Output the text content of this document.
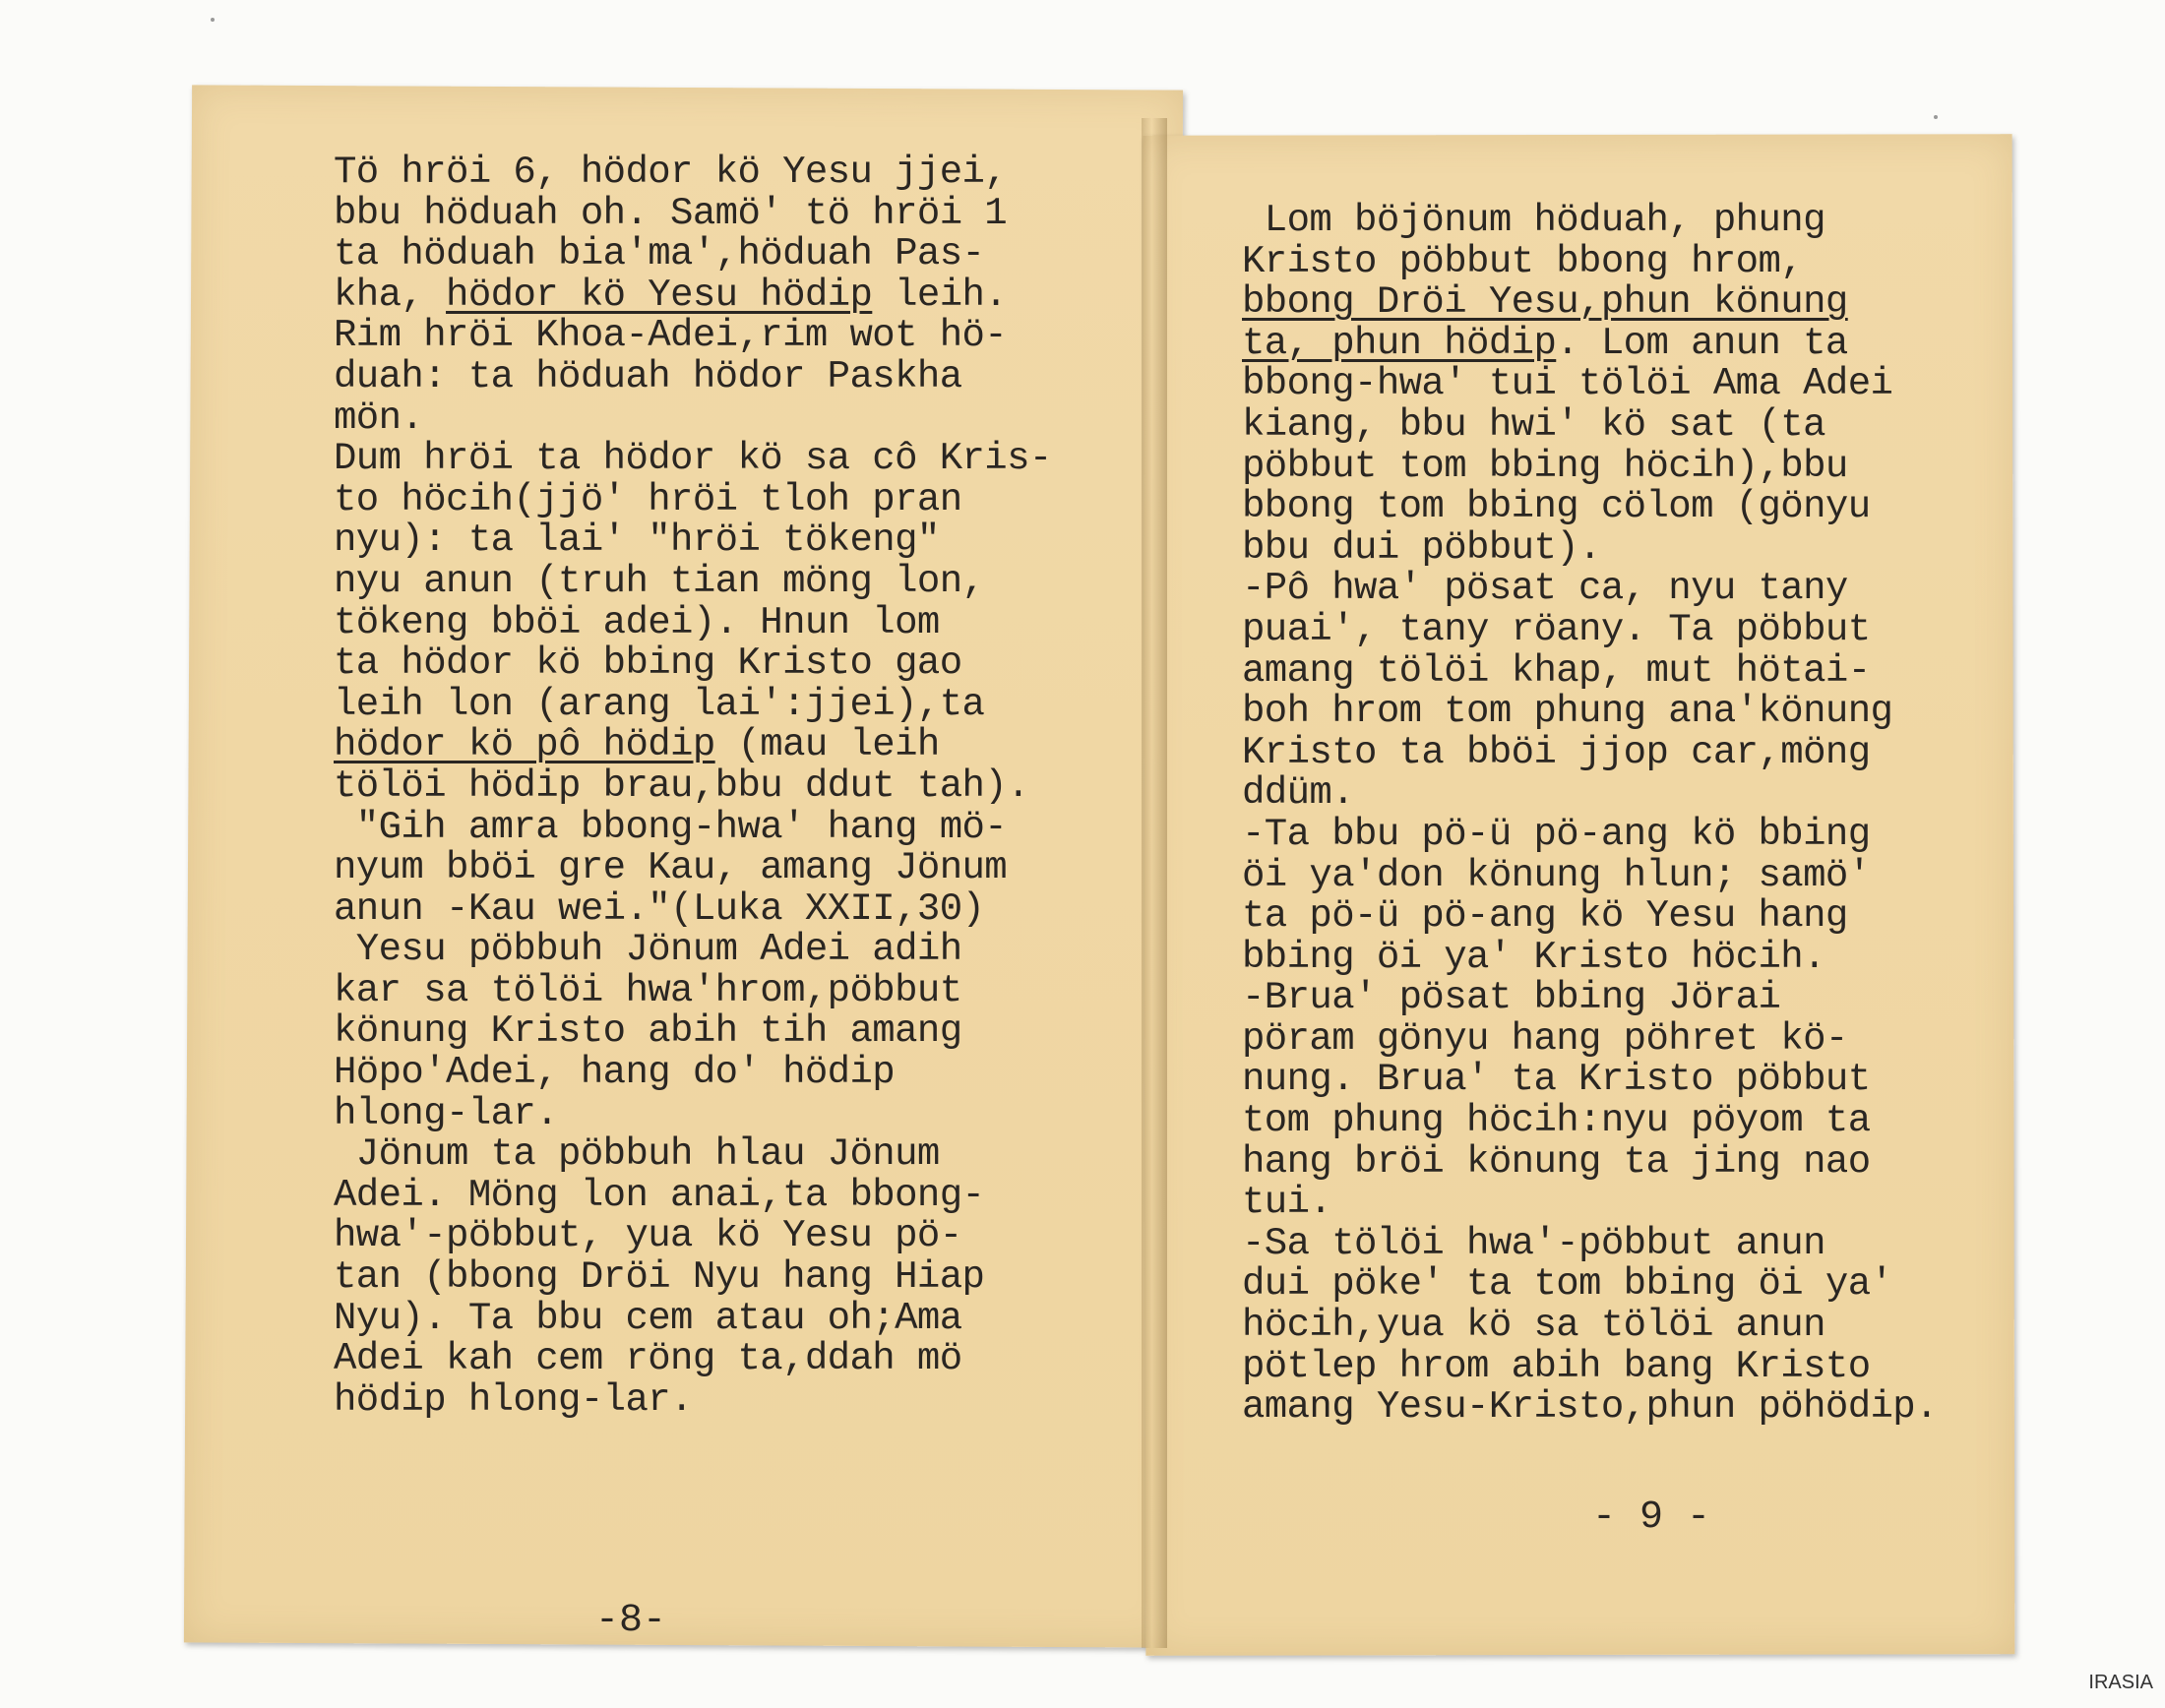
Tö hröi 6, hödor kö Yesu jjei,
bbu höduah oh. Samö' tö hröi 1
ta höduah bia'ma',höduah Pas-
kha, hödor kö Yesu hödip leih.
Rim hröi Khoa-Adei,rim wot hö-
duah: ta höduah hödor Paskha
mön.
Dum hröi ta hödor kö sa cô Kris-
to höcih(jjö' hröi tloh pran
nyu): ta lai' "hröi tökeng"
nyu anun (truh tian möng lon,
tökeng bböi adei). Hnun lom
ta hödor kö bbing Kristo gao
leih lon (arang lai':jjei),ta
hödor kö pô hödip (mau leih
tölöi hödip brau,bbu ddut tah).
"Gih amra bbong-hwa' hang mö-
nyum bböi gre Kau, amang Jönum
anun -Kau wei."(Luka XXII,30)
Yesu pöbbuh Jönum Adei adih
kar sa tölöi hwa'hrom,pöbbut
könung Kristo abih tih amang
Höpo'Adei, hang do' hödip
hlong-lar.
Jönum ta pöbbuh hlau Jönum
Adei. Möng lon anai,ta bbong-
hwa'-pöbbut, yua kö Yesu pö-
tan (bbong Dröi Nyu hang Hiap
Nyu). Ta bbu cem atau oh;Ama
Adei kah cem röng ta,ddah mö
hödip hlong-lar.
Lom böjönum höduah, phung
Kristo pöbbut bbong hrom,
bbong Dröi Yesu,phun könung
ta, phun hödip. Lom anun ta
bbong-hwa' tui tölöi Ama Adei
kiang, bbu hwi' kö sat (ta
pöbbut tom bbing höcih),bbu
bbong tom bbing cölom (gönyu
bbu dui pöbbut).
-Pô hwa' pösat ca, nyu tany
puai', tany röany. Ta pöbbut
amang tölöi khap, mut hötai-
boh hrom tom phung ana'könung
Kristo ta bböi jjop car,möng
ddüm.
-Ta bbu pö-ü pö-ang kö bbing
öi ya'don könung hlun; samö'
ta pö-ü pö-ang kö Yesu hang
bbing öi ya' Kristo höcih.
-Brua' pösat bbing Jörai
pöram gönyu hang pöhret kö-
nung. Brua' ta Kristo pöbbut
tom phung höcih:nyu pöyom ta
hang bröi könung ta jing nao
tui.
-Sa tölöi hwa'-pöbbut anun
dui pöke' ta tom bbing öi ya'
höcih,yua kö sa tölöi anun
pötlep hrom abih bang Kristo
amang Yesu-Kristo,phun pöhödip.
-8-
- 9 -
IRASIA
